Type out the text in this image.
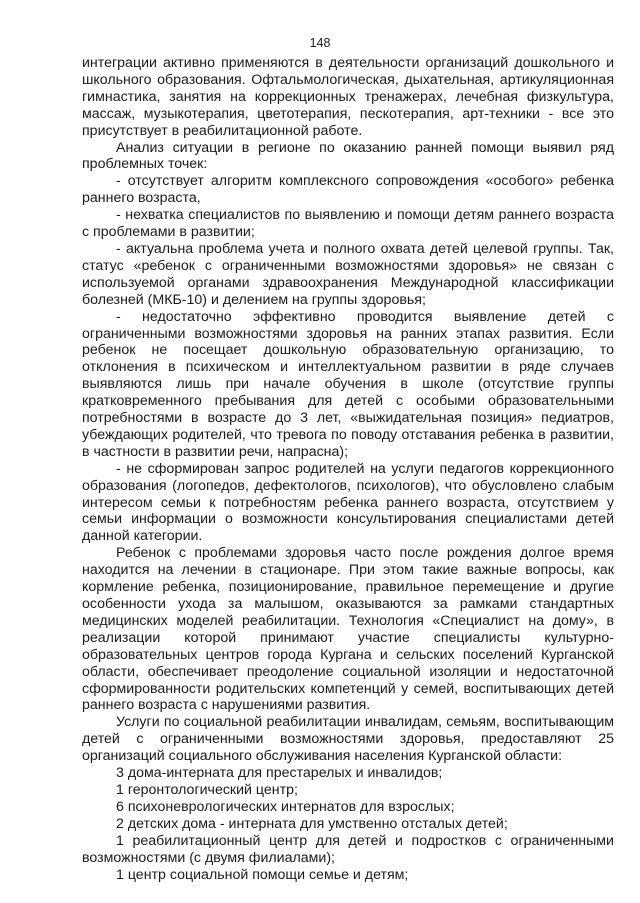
148

интеграции активно применяются в деятельности организаций дошкольного и школьного образования. Офтальмологическая, дыхательная, артикуляционная гимнастика, занятия на коррекционных тренажерах, лечебная физкультура, массаж, музыкотерапия, цветотерапия, пескотерапия, арт-техники - все это присутствует в реабилитационной работе.

Анализ ситуации в регионе по оказанию ранней помощи выявил ряд проблемных точек:

- отсутствует алгоритм комплексного сопровождения «особого» ребенка раннего возраста,

- нехватка специалистов по выявлению и помощи детям раннего возраста с проблемами в развитии;

- актуальна проблема учета и полного охвата детей целевой группы. Так, статус «ребенок с ограниченными возможностями здоровья» не связан с используемой органами здравоохранения Международной классификации болезней (МКБ-10) и делением на группы здоровья;

- недостаточно эффективно проводится выявление детей с ограниченными возможностями здоровья на ранних этапах развития. Если ребенок не посещает дошкольную образовательную организацию, то отклонения в психическом и интеллектуальном развитии в ряде случаев выявляются лишь при начале обучения в школе (отсутствие группы кратковременного пребывания для детей с особыми образовательными потребностями в возрасте до 3 лет, «выжидательная позиция» педиатров, убеждающих родителей, что тревога по поводу отставания ребенка в развитии, в частности в развитии речи, напрасна);

- не сформирован запрос родителей на услуги педагогов коррекционного образования (логопедов, дефектологов, психологов), что обусловлено слабым интересом семьи к потребностям ребенка раннего возраста, отсутствием у семьи информации о возможности консультирования специалистами детей данной категории.

Ребенок с проблемами здоровья часто после рождения долгое время находится на лечении в стационаре. При этом такие важные вопросы, как кормление ребенка, позиционирование, правильное перемещение и другие особенности ухода за малышом, оказываются за рамками стандартных медицинских моделей реабилитации. Технология «Специалист на дому», в реализации которой принимают участие специалисты культурно-образовательных центров города Кургана и сельских поселений Курганской области, обеспечивает преодоление социальной изоляции и недостаточной сформированности родительских компетенций у семей, воспитывающих детей раннего возраста с нарушениями развития.

Услуги по социальной реабилитации инвалидам, семьям, воспитывающим детей с ограниченными возможностями здоровья, предоставляют 25 организаций социального обслуживания населения Курганской области:

3 дома-интерната для престарелых и инвалидов;

1 геронтологический центр;

6 психоневрологических интернатов для взрослых;

2 детских дома - интерната для умственно отсталых детей;

1 реабилитационный центр для детей и подростков с ограниченными возможностями (с двумя филиалами);

1 центр социальной помощи семье и детям;
